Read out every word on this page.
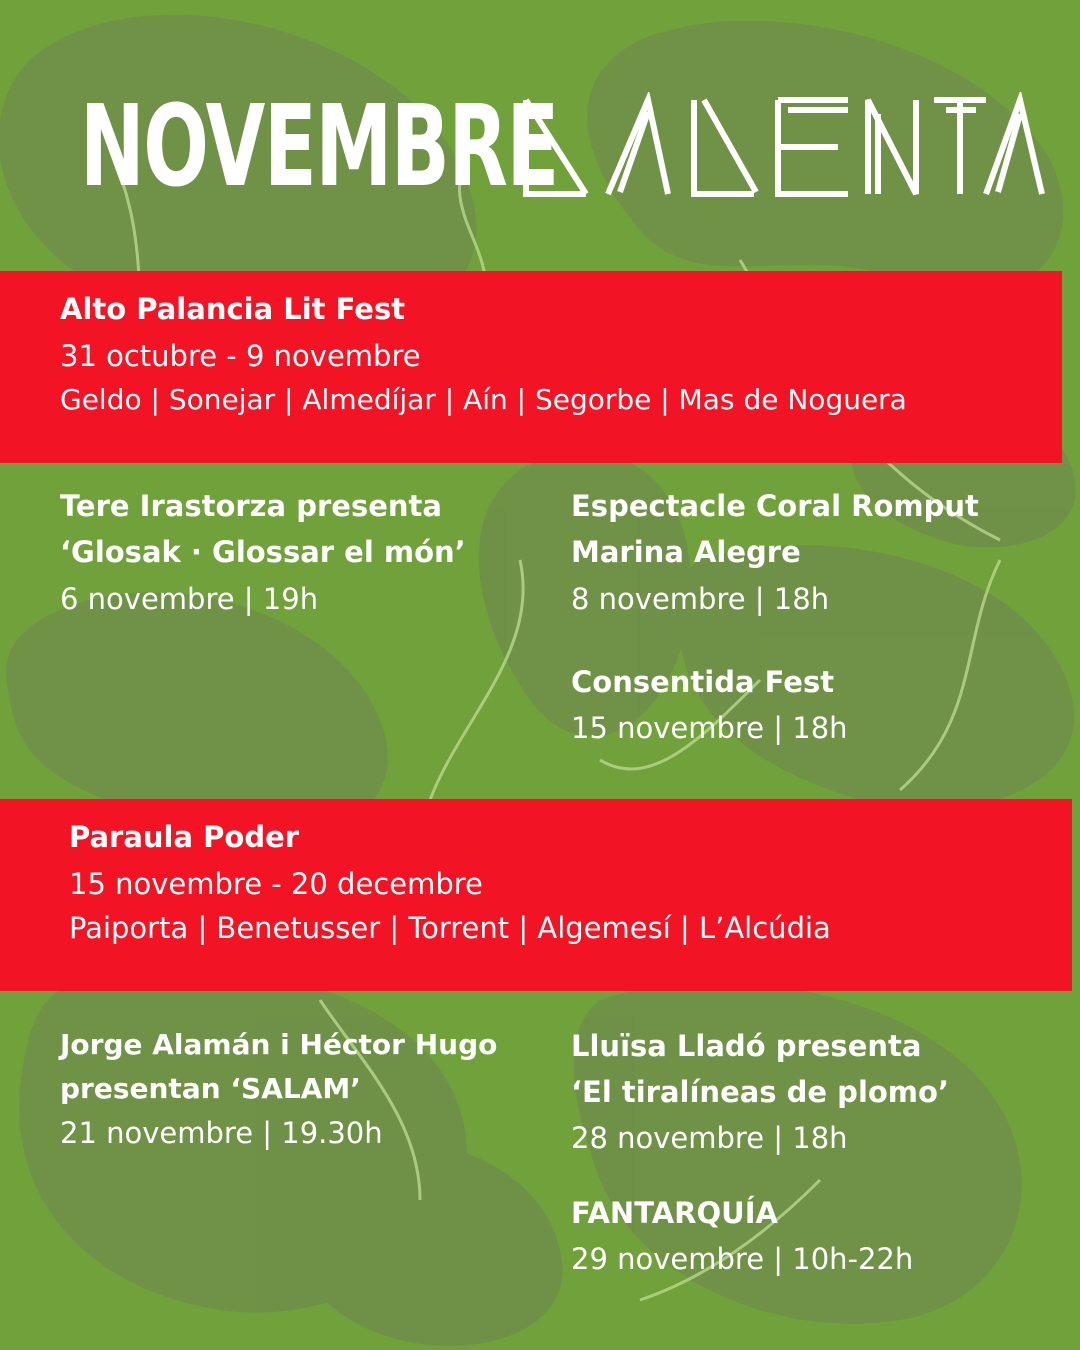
NOVEMBRE
Alto Palancia Lit Fest
31 octubre - 9 novembre
Geldo | Sonejar | Almedíjar | Aín | Segorbe | Mas de Noguera
Tere Irastorza presenta
‘Glosak · Glossar el món’
6 novembre | 19h
Espectacle Coral Romput
Marina Alegre
8 novembre | 18h
Consentida Fest
15 novembre | 18h
Paraula Poder
15 novembre - 20 decembre
Paiporta | Benetusser | Torrent | Algemesí | L’Alcúdia
Jorge Alamán i Héctor Hugo
presentan ‘SALAM’
21 novembre | 19.30h
Lluïsa Lladó presenta
‘El tiralíneas de plomo’
28 novembre | 18h
FANTARQUÍA
29 novembre | 10h-22h
